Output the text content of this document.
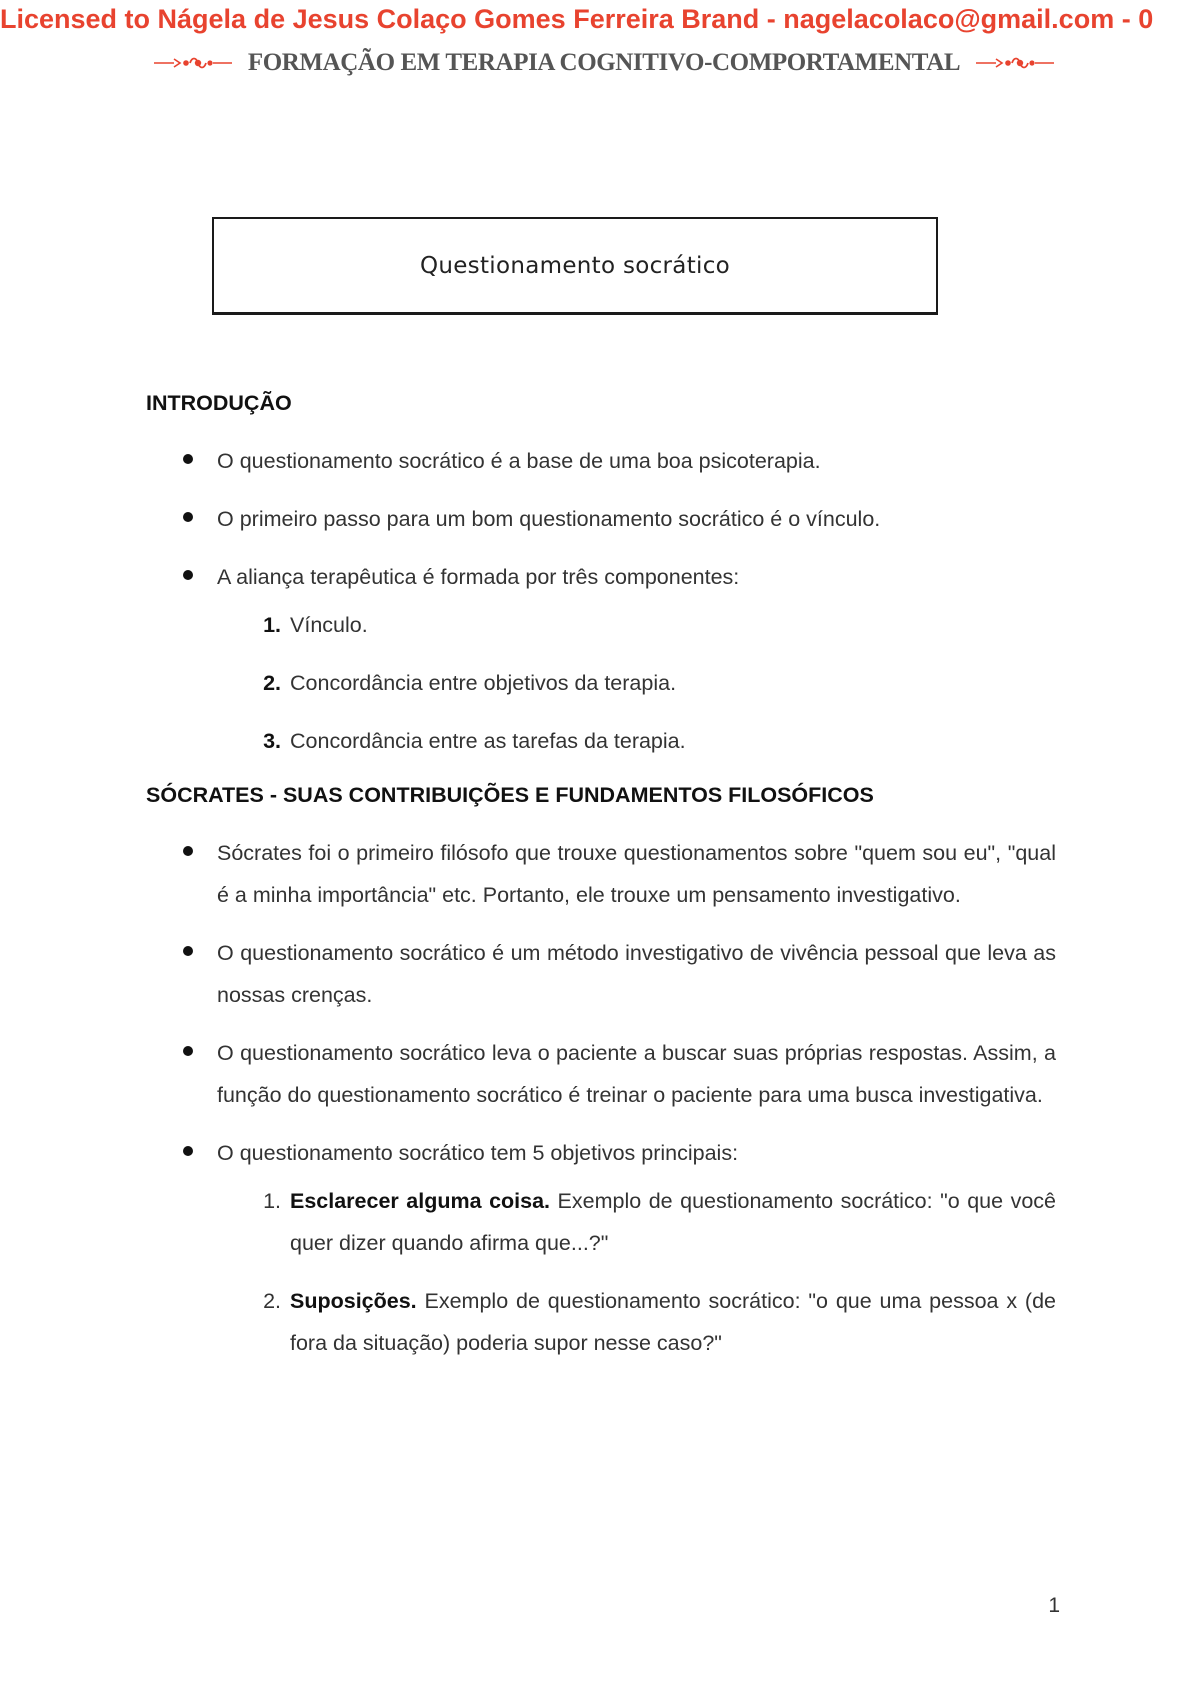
Licensed to Nágela de Jesus Colaço Gomes Ferreira Brand - nagelacolaco@gmail.com - 0
FORMAÇÃO EM TERAPIA COGNITIVO-COMPORTAMENTAL
Questionamento socrático
INTRODUÇÃO
O questionamento socrático é a base de uma boa psicoterapia.
O primeiro passo para um bom questionamento socrático é o vínculo.
A aliança terapêutica é formada por três componentes:
1. Vínculo.
2. Concordância entre objetivos da terapia.
3. Concordância entre as tarefas da terapia.
SÓCRATES - SUAS CONTRIBUIÇÕES E FUNDAMENTOS FILOSÓFICOS
Sócrates foi o primeiro filósofo que trouxe questionamentos sobre "quem sou eu", "qual é a minha importância" etc. Portanto, ele trouxe um pensamento investigativo.
O questionamento socrático é um método investigativo de vivência pessoal que leva as nossas crenças.
O questionamento socrático leva o paciente a buscar suas próprias respostas. Assim, a função do questionamento socrático é treinar o paciente para uma busca investigativa.
O questionamento socrático tem 5 objetivos principais:
1. Esclarecer alguma coisa. Exemplo de questionamento socrático: "o que você quer dizer quando afirma que...?"
2. Suposições. Exemplo de questionamento socrático: "o que uma pessoa x (de fora da situação) poderia supor nesse caso?"
1
